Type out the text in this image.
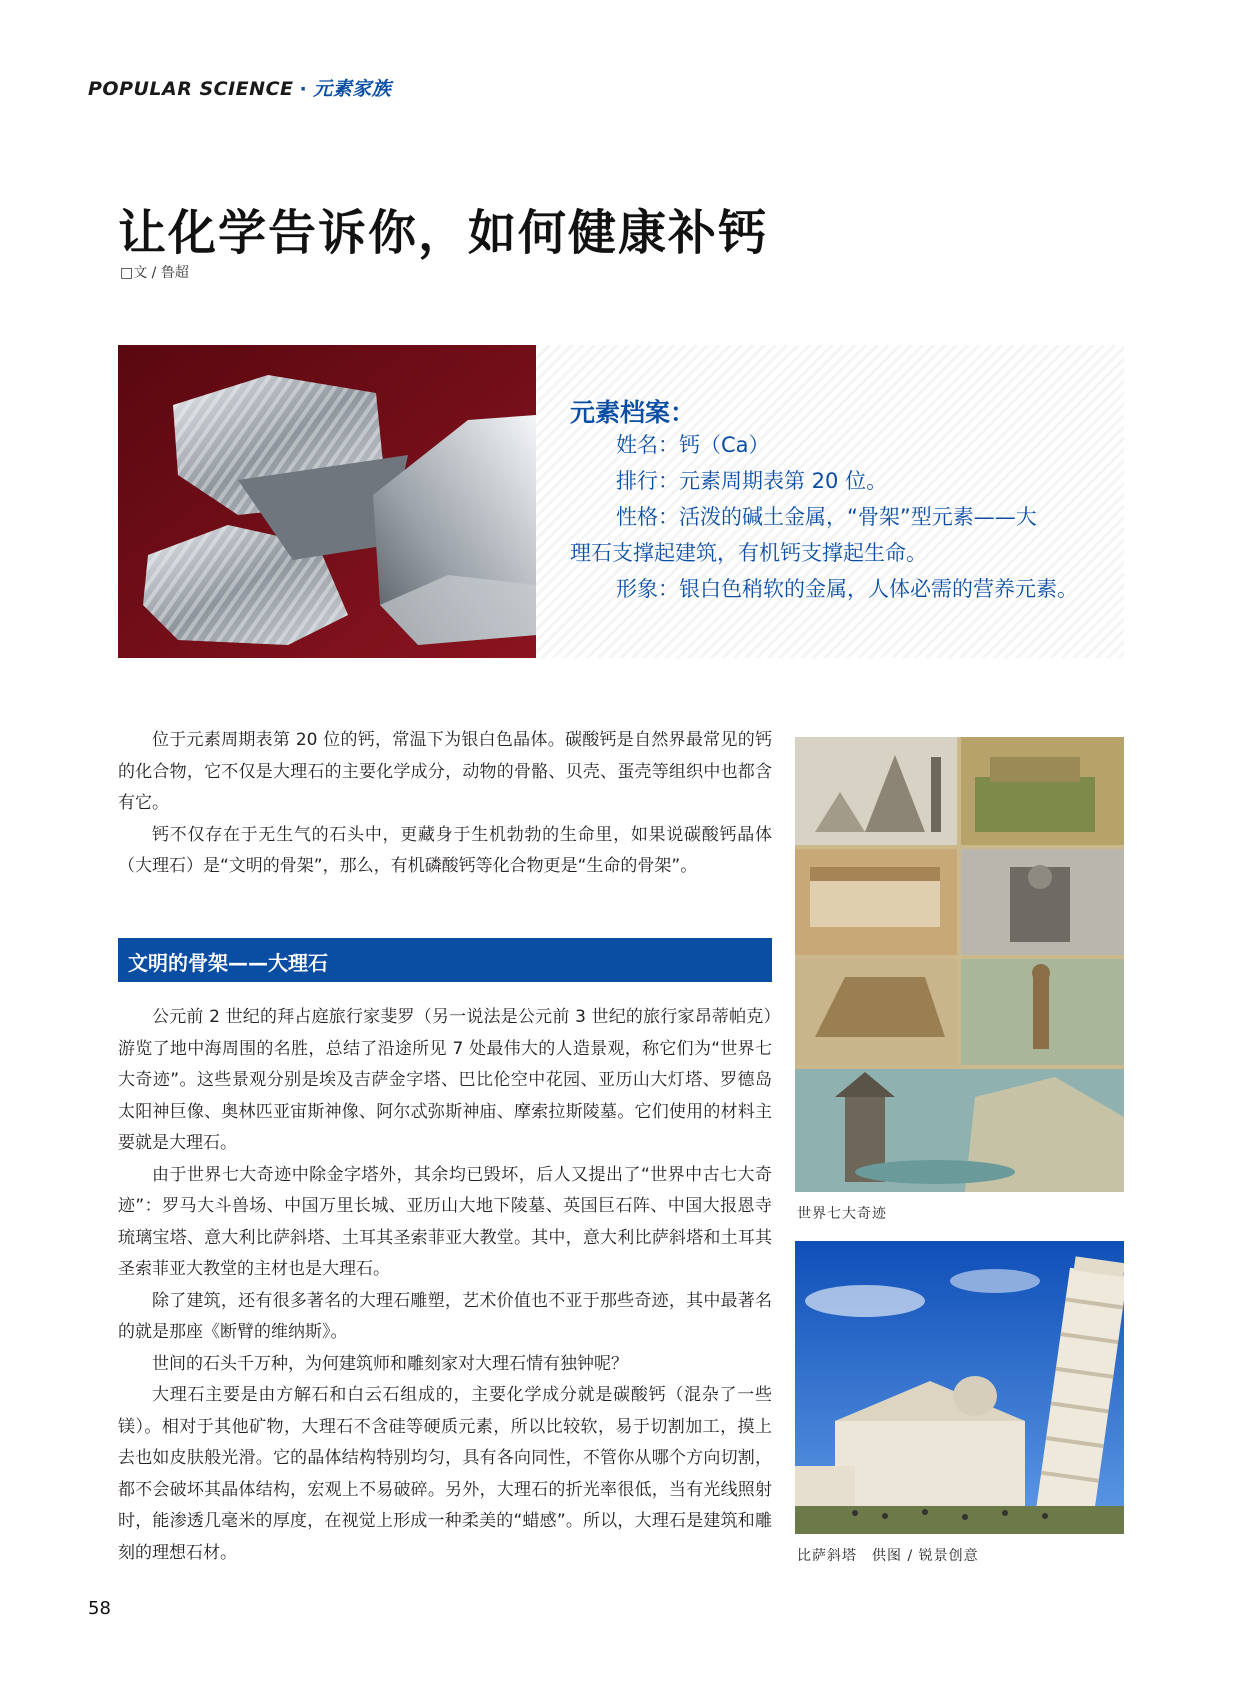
POPULAR SCIENCE · 元素家族
让化学告诉你，如何健康补钙
□文 / 鲁超
元素档案：
姓名：钙（Ca）
排行：元素周期表第 20 位。
性格：活泼的碱土金属，“骨架”型元素——大
理石支撑起建筑，有机钙支撑起生命。
形象：银白色稍软的金属，人体必需的营养元素。

位于元素周期表第 20 位的钙，常温下为银白色晶体。碳酸钙是自然界最常见的钙的化合物，它不仅是大理石的主要化学成分，动物的骨骼、贝壳、蛋壳等组织中也都含有它。

钙不仅存在于无生气的石头中，更藏身于生机勃勃的生命里，如果说碳酸钙晶体（大理石）是“文明的骨架”，那么，有机磷酸钙等化合物更是“生命的骨架”。

文明的骨架——大理石

公元前 2 世纪的拜占庭旅行家斐罗（另一说法是公元前 3 世纪的旅行家昂蒂帕克）游览了地中海周围的名胜，总结了沿途所见 7 处最伟大的人造景观，称它们为“世界七大奇迹”。这些景观分别是埃及吉萨金字塔、巴比伦空中花园、亚历山大灯塔、罗德岛太阳神巨像、奥林匹亚宙斯神像、阿尔忒弥斯神庙、摩索拉斯陵墓。它们使用的材料主要就是大理石。

由于世界七大奇迹中除金字塔外，其余均已毁坏，后人又提出了“世界中古七大奇迹”：罗马大斗兽场、中国万里长城、亚历山大地下陵墓、英国巨石阵、中国大报恩寺琉璃宝塔、意大利比萨斜塔、土耳其圣索菲亚大教堂。其中，意大利比萨斜塔和土耳其圣索菲亚大教堂的主材也是大理石。

除了建筑，还有很多著名的大理石雕塑，艺术价值也不亚于那些奇迹，其中最著名的就是那座《断臂的维纳斯》。

世间的石头千万种，为何建筑师和雕刻家对大理石情有独钟呢？

大理石主要是由方解石和白云石组成的，主要化学成分就是碳酸钙（混杂了一些镁）。相对于其他矿物，大理石不含硅等硬质元素，所以比较软，易于切割加工，摸上去也如皮肤般光滑。它的晶体结构特别均匀，具有各向同性，不管你从哪个方向切割，都不会破坏其晶体结构，宏观上不易破碎。另外，大理石的折光率很低，当有光线照射时，能渗透几毫米的厚度，在视觉上形成一种柔美的“蜡感”。所以，大理石是建筑和雕刻的理想石材。

世界七大奇迹
比萨斜塔　供图 / 锐景创意
58
